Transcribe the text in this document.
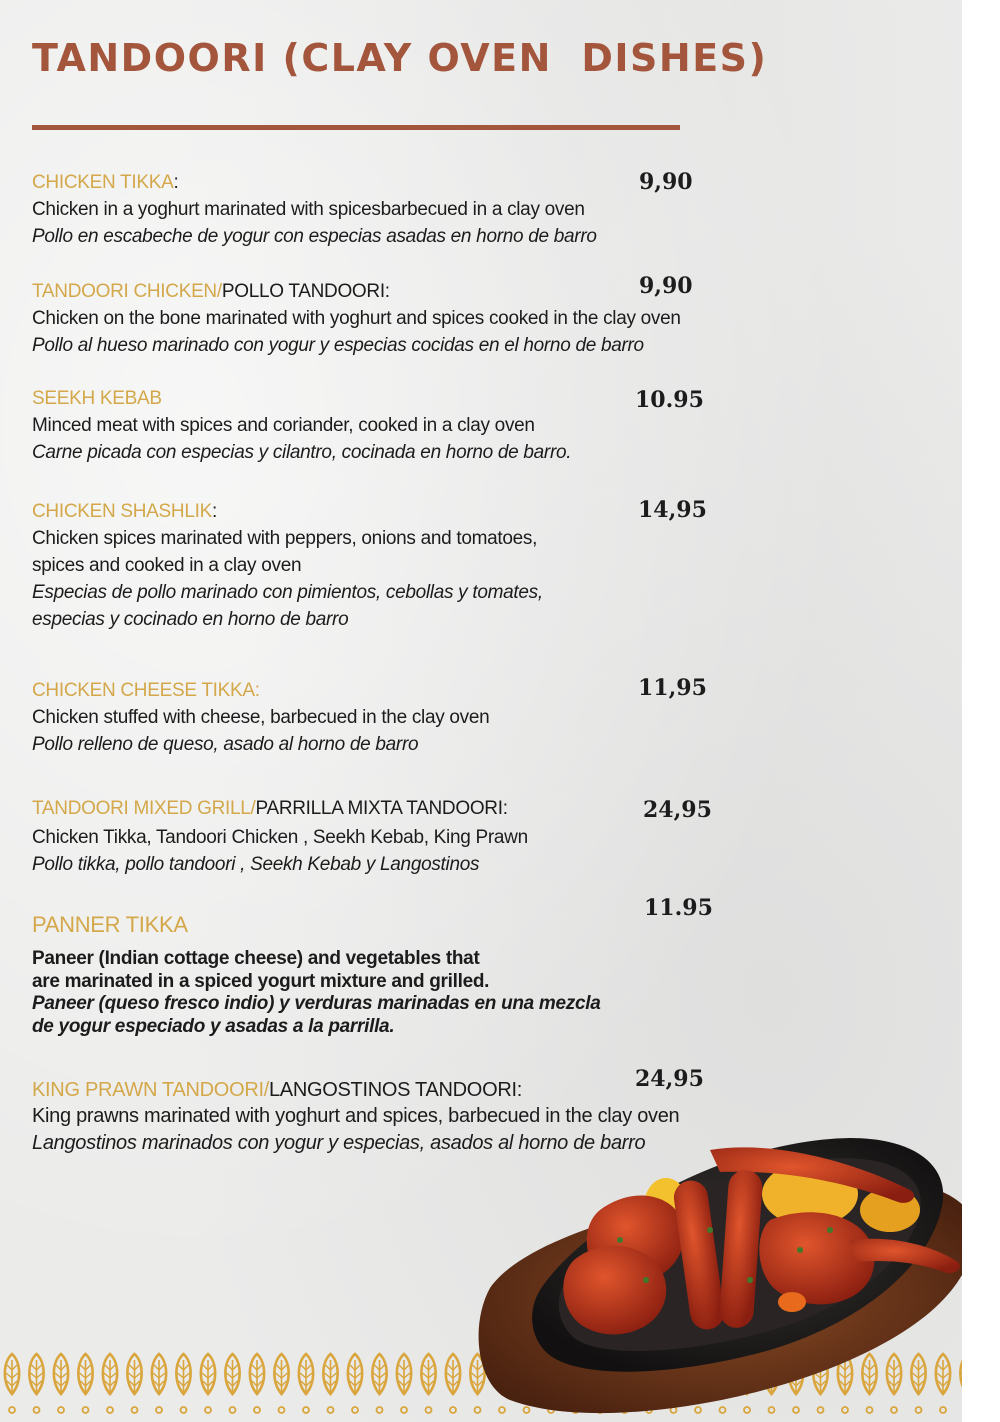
TANDOORI (CLAY OVEN  DISHES)
CHICKEN TIKKA:
Chicken in a yoghurt marinated with spicesbarbecued in a clay oven
Pollo en escabeche de yogur con especias asadas en horno de barro
9,90
TANDOORI CHICKEN/POLLO TANDOORI:
Chicken on the bone marinated with yoghurt and spices cooked in the clay oven
Pollo al hueso marinado con yogur y especias cocidas en el horno de barro
9,90
SEEKH KEBAB
Minced meat with spices and coriander, cooked in a clay oven
Carne picada con especias y cilantro, cocinada en horno de barro.
10.95
CHICKEN SHASHLIK:
Chicken spices marinated with peppers, onions and tomatoes,
spices and cooked in a clay oven
Especias de pollo marinado con pimientos, cebollas y tomates,
especias y cocinado en horno de barro
14,95
CHICKEN CHEESE TIKKA:
Chicken stuffed with cheese, barbecued in the clay oven
Pollo relleno de queso, asado al horno de barro
11,95
TANDOORI MIXED GRILL/PARRILLA MIXTA TANDOORI:
Chicken Tikka, Tandoori Chicken , Seekh Kebab, King Prawn
Pollo tikka, pollo tandoori , Seekh Kebab y Langostinos
24,95
PANNER TIKKA
Paneer (Indian cottage cheese) and vegetables that
are marinated in a spiced yogurt mixture and grilled.
Paneer (queso fresco indio) y verduras marinadas en una mezcla
de yogur especiado y asadas a la parrilla.
11.95
KING PRAWN TANDOORI/LANGOSTINOS TANDOORI:
King prawns marinated with yoghurt and spices, barbecued in the clay oven
Langostinos marinados con yogur y especias, asados al horno de barro
24,95
